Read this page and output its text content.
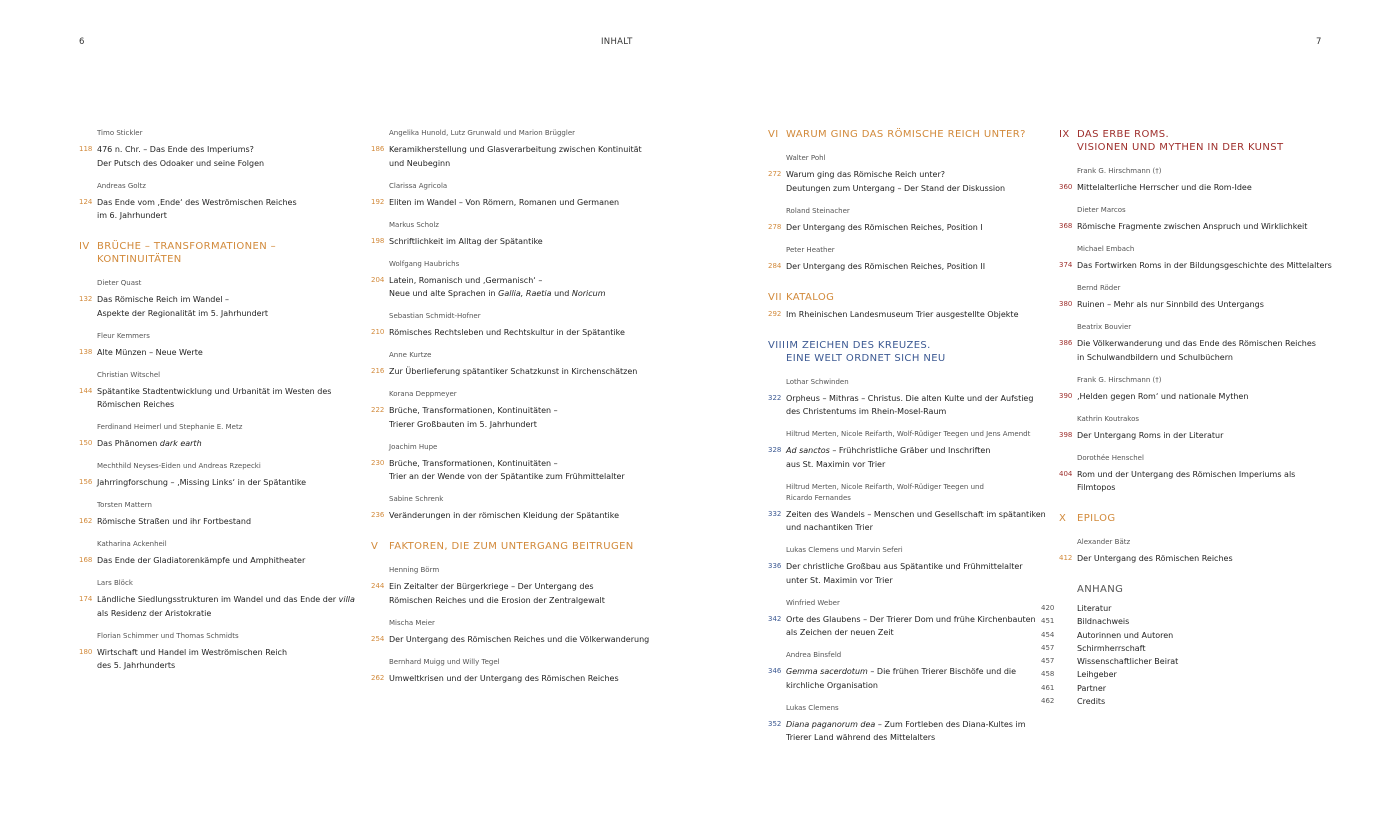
6	INHALT	7
Timo Stickler
118 476 n. Chr. – Das Ende des Imperiums?
Der Putsch des Odoaker und seine Folgen
Andreas Goltz
124 Das Ende vom ‚Ende‘ des Weströmischen Reiches
im 6. Jahrhundert
IV BRÜCHE – TRANSFORMATIONEN –
KONTINUITÄTEN
Dieter Quast
132 Das Römische Reich im Wandel –
Aspekte der Regionalität im 5. Jahrhundert
Fleur Kemmers
138 Alte Münzen – Neue Werte
Christian Witschel
144 Spätantike Stadtentwicklung und Urbanität im Westen des
Römischen Reiches
Ferdinand Heimerl und Stephanie E. Metz
150 Das Phänomen dark earth
Mechthild Neyses-Eiden und Andreas Rzepecki
156 Jahrringforschung – ‚Missing Links‘ in der Spätantike
Torsten Mattern
162 Römische Straßen und ihr Fortbestand
Katharina Ackenheil
168 Das Ende der Gladiatorenkämpfe und Amphitheater
Lars Blöck
174 Ländliche Siedlungsstrukturen im Wandel und das Ende der villa
als Residenz der Aristokratie
Florian Schimmer und Thomas Schmidts
180 Wirtschaft und Handel im Weströmischen Reich
des 5. Jahrhunderts
Angelika Hunold, Lutz Grunwald und Marion Brüggler
186 Keramikherstellung und Glasverarbeitung zwischen Kontinuität
und Neubeginn
Clarissa Agricola
192 Eliten im Wandel – Von Römern, Romanen und Germanen
Markus Scholz
198 Schriftlichkeit im Alltag der Spätantike
Wolfgang Haubrichs
204 Latein, Romanisch und ‚Germanisch‘ –
Neue und alte Sprachen in Gallia, Raetia und Noricum
Sebastian Schmidt-Hofner
210 Römisches Rechtsleben und Rechtskultur in der Spätantike
Anne Kurtze
216 Zur Überlieferung spätantiker Schatzkunst in Kirchenschätzen
Korana Deppmeyer
222 Brüche, Transformationen, Kontinuitäten –
Trierer Großbauten im 5. Jahrhundert
Joachim Hupe
230 Brüche, Transformationen, Kontinuitäten –
Trier an der Wende von der Spätantike zum Frühmittelalter
Sabine Schrenk
236 Veränderungen in der römischen Kleidung der Spätantike
V FAKTOREN, DIE ZUM UNTERGANG BEITRUGEN
Henning Börm
244 Ein Zeitalter der Bürgerkriege – Der Untergang des
Römischen Reiches und die Erosion der Zentralgewalt
Mischa Meier
254 Der Untergang des Römischen Reiches und die Völkerwanderung
Bernhard Muigg und Willy Tegel
262 Umweltkrisen und der Untergang des Römischen Reiches
VI WARUM GING DAS RÖMISCHE REICH UNTER?
Walter Pohl
272 Warum ging das Römische Reich unter?
Deutungen zum Untergang – Der Stand der Diskussion
Roland Steinacher
278 Der Untergang des Römischen Reiches, Position I
Peter Heather
284 Der Untergang des Römischen Reiches, Position II
VII KATALOG
292 Im Rheinischen Landesmuseum Trier ausgestellte Objekte
VIII IM ZEICHEN DES KREUZES.
EINE WELT ORDNET SICH NEU
Lothar Schwinden
322 Orpheus – Mithras – Christus. Die alten Kulte und der Aufstieg
des Christentums im Rhein-Mosel-Raum
Hiltrud Merten, Nicole Reifarth, Wolf-Rüdiger Teegen und Jens Amendt
328 Ad sanctos – Frühchristliche Gräber und Inschriften
aus St. Maximin vor Trier
Hiltrud Merten, Nicole Reifarth, Wolf-Rüdiger Teegen und
Ricardo Fernandes
332 Zeiten des Wandels – Menschen und Gesellschaft im spätantiken
und nachantiken Trier
Lukas Clemens und Marvin Seferi
336 Der christliche Großbau aus Spätantike und Frühmittelalter
unter St. Maximin vor Trier
Winfried Weber
342 Orte des Glaubens – Der Trierer Dom und frühe Kirchenbauten
als Zeichen der neuen Zeit
Andrea Binsfeld
346 Gemma sacerdotum – Die frühen Trierer Bischöfe und die
kirchliche Organisation
Lukas Clemens
352 Diana paganorum dea – Zum Fortleben des Diana-Kultes im
Trierer Land während des Mittelalters
IX DAS ERBE ROMS.
VISIONEN UND MYTHEN IN DER KUNST
Frank G. Hirschmann (†)
360 Mittelalterliche Herrscher und die Rom-Idee
Dieter Marcos
368 Römische Fragmente zwischen Anspruch und Wirklichkeit
Michael Embach
374 Das Fortwirken Roms in der Bildungsgeschichte des Mittelalters
Bernd Röder
380 Ruinen – Mehr als nur Sinnbild des Untergangs
Beatrix Bouvier
386 Die Völkerwanderung und das Ende des Römischen Reiches
in Schulwandbildern und Schulbüchern
Frank G. Hirschmann (†)
390 ‚Helden gegen Rom‘ und nationale Mythen
Kathrin Koutrakos
398 Der Untergang Roms in der Literatur
Dorothée Henschel
404 Rom und der Untergang des Römischen Imperiums als
Filmtopos
X EPILOG
Alexander Bätz
412 Der Untergang des Römischen Reiches
ANHANG
420	Literatur
451	Bildnachweis
454	Autorinnen und Autoren
457	Schirmherrschaft
457	Wissenschaftlicher Beirat
458	Leihgeber
461	Partner
462	Credits
